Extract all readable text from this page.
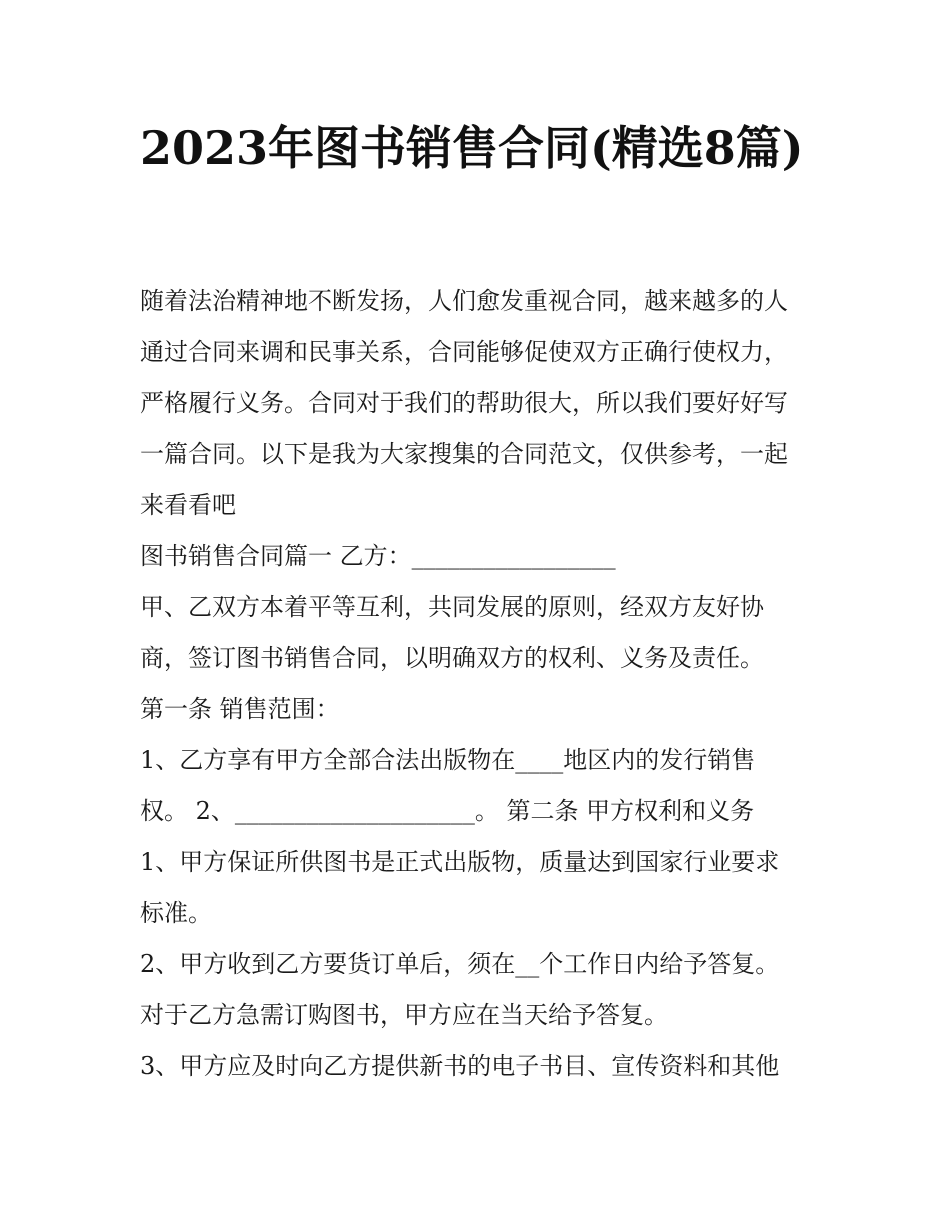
2023年图书销售合同(精选8篇)
随着法治精神地不断发扬，人们愈发重视合同，越来越多的人
通过合同来调和民事关系，合同能够促使双方正确行使权力，
严格履行义务。合同对于我们的帮助很大，所以我们要好好写
一篇合同。以下是我为大家搜集的合同范文，仅供参考，一起
来看看吧
图书销售合同篇一 乙方：_________________
甲、乙双方本着平等互利，共同发展的原则，经双方友好协
商，签订图书销售合同，以明确双方的权利、义务及责任。
第一条 销售范围：
1、乙方享有甲方全部合法出版物在____地区内的发行销售
权。 2、____________________。 第二条 甲方权利和义务
1、甲方保证所供图书是正式出版物，质量达到国家行业要求
标准。
2、甲方收到乙方要货订单后，须在__个工作日内给予答复。
对于乙方急需订购图书，甲方应在当天给予答复。
3、甲方应及时向乙方提供新书的电子书目、宣传资料和其他
